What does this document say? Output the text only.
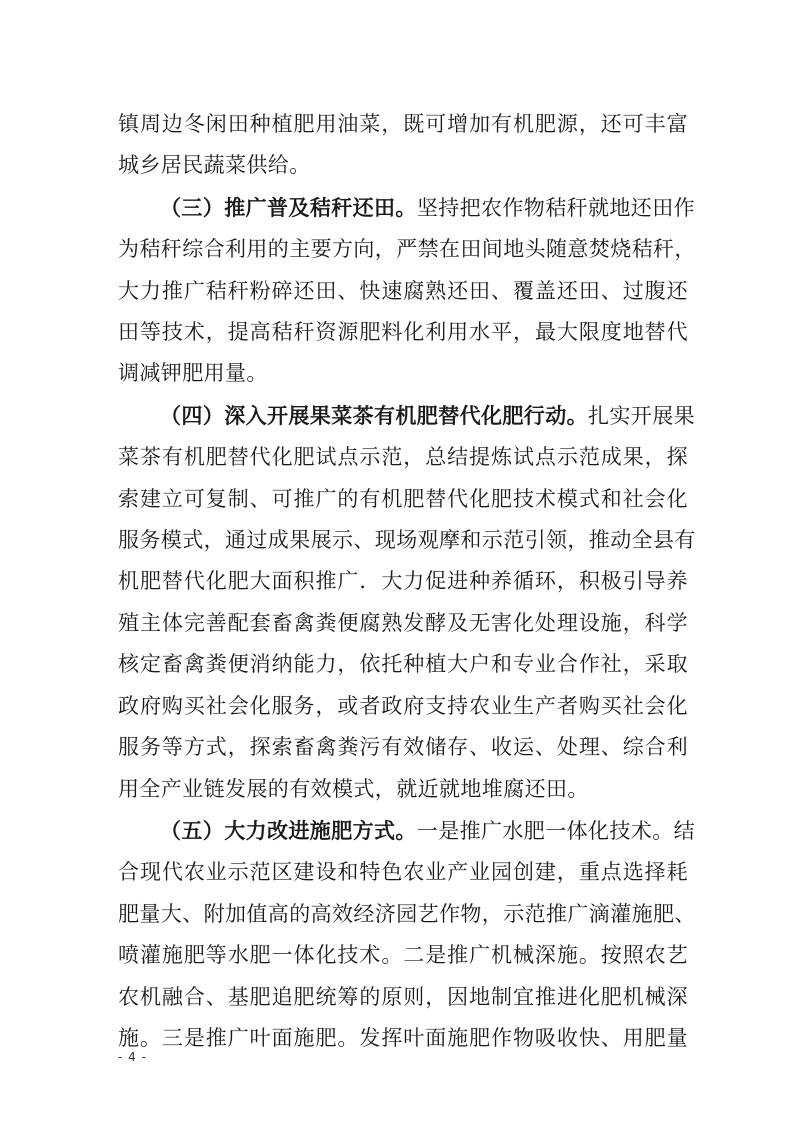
镇周边冬闲田种植肥用油菜，既可增加有机肥源，还可丰富
城乡居民蔬菜供给。

（三）推广普及秸秆还田。坚持把农作物秸秆就地还田作
为秸秆综合利用的主要方向，严禁在田间地头随意焚烧秸秆，
大力推广秸秆粉碎还田、快速腐熟还田、覆盖还田、过腹还
田等技术，提高秸秆资源肥料化利用水平，最大限度地替代
调减钾肥用量。

（四）深入开展果菜茶有机肥替代化肥行动。扎实开展果
菜茶有机肥替代化肥试点示范，总结提炼试点示范成果，探
索建立可复制、可推广的有机肥替代化肥技术模式和社会化
服务模式，通过成果展示、现场观摩和示范引领，推动全县有
机肥替代化肥大面积推广．大力促进种养循环，积极引导养
殖主体完善配套畜禽粪便腐熟发酵及无害化处理设施，科学
核定畜禽粪便消纳能力，依托种植大户和专业合作社，采取
政府购买社会化服务，或者政府支持农业生产者购买社会化
服务等方式，探索畜禽粪污有效储存、收运、处理、综合利
用全产业链发展的有效模式，就近就地堆腐还田。

（五）大力改进施肥方式。一是推广水肥一体化技术。结
合现代农业示范区建设和特色农业产业园创建，重点选择耗
肥量大、附加值高的高效经济园艺作物，示范推广滴灌施肥、
喷灌施肥等水肥一体化技术。二是推广机械深施。按照农艺
农机融合、基肥追肥统筹的原则，因地制宜推进化肥机械深
施。三是推广叶面施肥。发挥叶面施肥作物吸收快、用肥量

- 4 -
